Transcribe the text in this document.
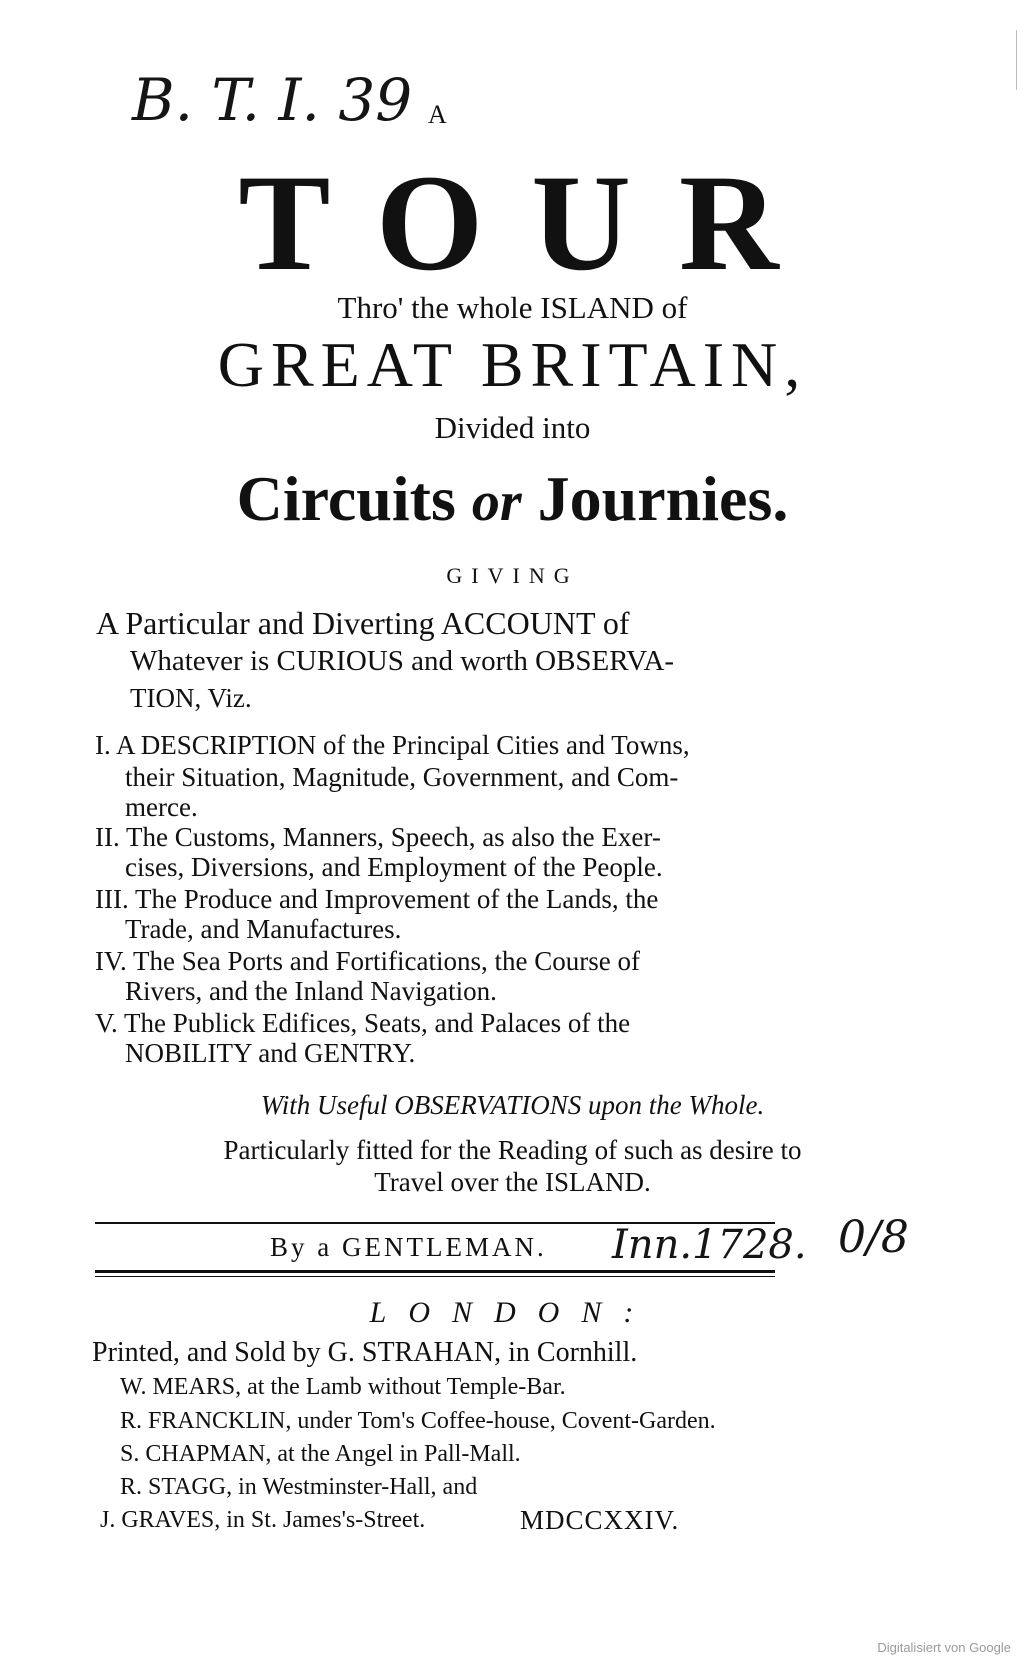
B. T. I. 39 A
TOUR
Thro' the whole ISLAND of
GREAT BRITAIN,
Divided into
Circuits or Journies.
GIVING
A Particular and Diverting ACCOUNT of
Whatever is CURIOUS and worth OBSERVA-
TION, Viz.
I. A DESCRIPTION of the Principal Cities and Towns,
their Situation, Magnitude, Government, and Com-
merce.
II. The Customs, Manners, Speech, as also the Exer-
cises, Diversions, and Employment of the People.
III. The Produce and Improvement of the Lands, the
Trade, and Manufactures.
IV. The Sea Ports and Fortifications, the Course of
Rivers, and the Inland Navigation.
V. The Publick Edifices, Seats, and Palaces of the
NOBILITY and GENTRY.
With Useful OBSERVATIONS upon the Whole.
Particularly fitted for the Reading of such as desire to
Travel over the ISLAND.
By a GENTLEMAN. Inn.1728. 0/8
LONDON:
Printed, and Sold by G. STRAHAN, in Cornhill.
W. MEARS, at the Lamb without Temple-Bar.
R. FRANCKLIN, under Tom's Coffee-house, Covent-Garden.
S. CHAPMAN, at the Angel in Pall-Mall.
R. STAGG, in Westminster-Hall, and
J. GRAVES, in St. James's-Street.	MDCCXXIV.
Digitalisiert von Google
